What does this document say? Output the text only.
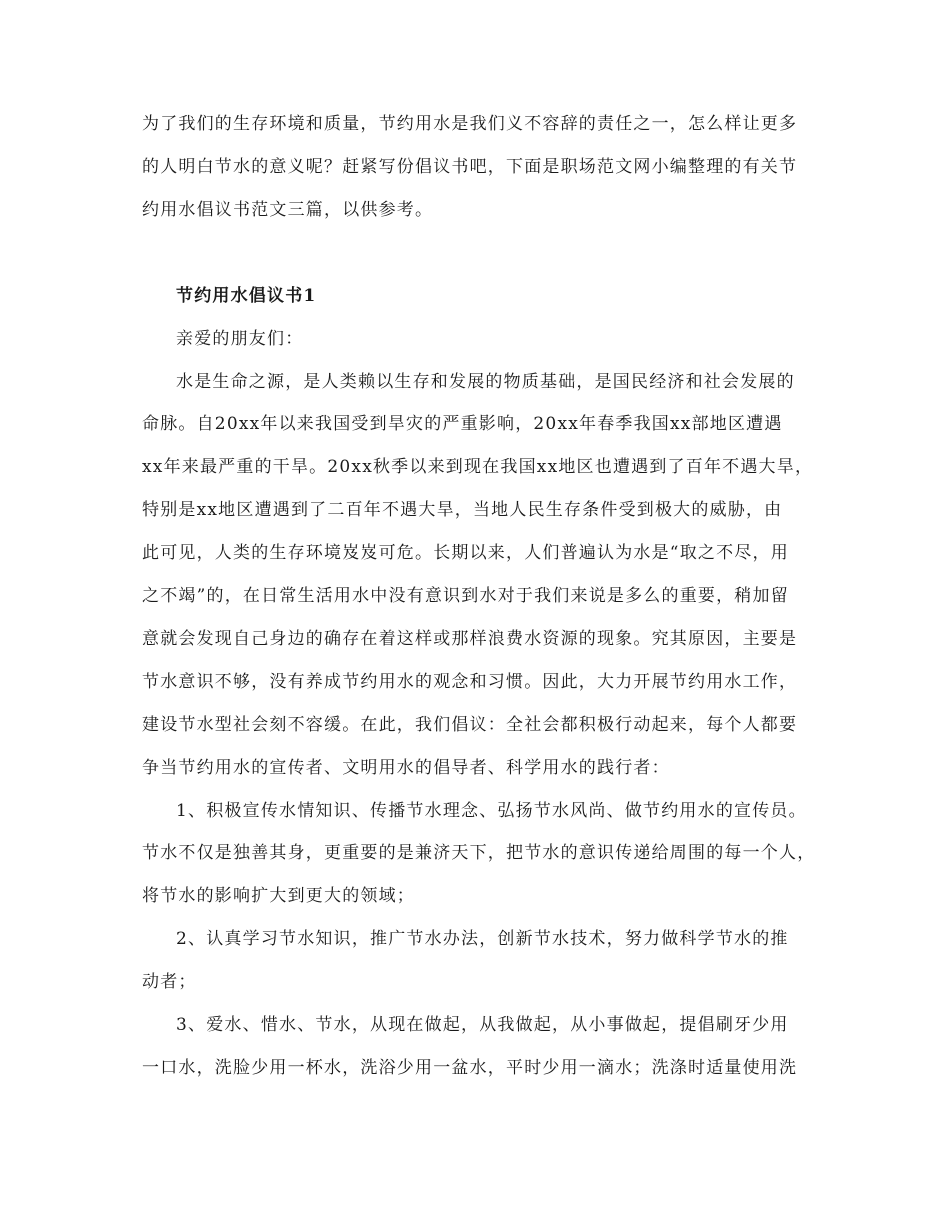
为了我们的生存环境和质量，节约用水是我们义不容辞的责任之一，怎么样让更多
的人明白节水的意义呢？赶紧写份倡议书吧，下面是职场范文网小编整理的有关节
约用水倡议书范文三篇，以供参考。
节约用水倡议书1
亲爱的朋友们：
水是生命之源，是人类赖以生存和发展的物质基础，是国民经济和社会发展的
命脉。自20xx年以来我国受到旱灾的严重影响，20xx年春季我国xx部地区遭遇
xx年来最严重的干旱。20xx秋季以来到现在我国xx地区也遭遇到了百年不遇大旱，
特别是xx地区遭遇到了二百年不遇大旱，当地人民生存条件受到极大的威胁，由
此可见，人类的生存环境岌岌可危。长期以来，人们普遍认为水是“取之不尽，用
之不竭”的，在日常生活用水中没有意识到水对于我们来说是多么的重要，稍加留
意就会发现自己身边的确存在着这样或那样浪费水资源的现象。究其原因，主要是
节水意识不够，没有养成节约用水的观念和习惯。因此，大力开展节约用水工作，
建设节水型社会刻不容缓。在此，我们倡议：全社会都积极行动起来，每个人都要
争当节约用水的宣传者、文明用水的倡导者、科学用水的践行者：
1、积极宣传水情知识、传播节水理念、弘扬节水风尚、做节约用水的宣传员。
节水不仅是独善其身，更重要的是兼济天下，把节水的意识传递给周围的每一个人，
将节水的影响扩大到更大的领域；
2、认真学习节水知识，推广节水办法，创新节水技术，努力做科学节水的推
动者；
3、爱水、惜水、节水，从现在做起，从我做起，从小事做起，提倡刷牙少用
一口水，洗脸少用一杯水，洗浴少用一盆水，平时少用一滴水；洗涤时适量使用洗
